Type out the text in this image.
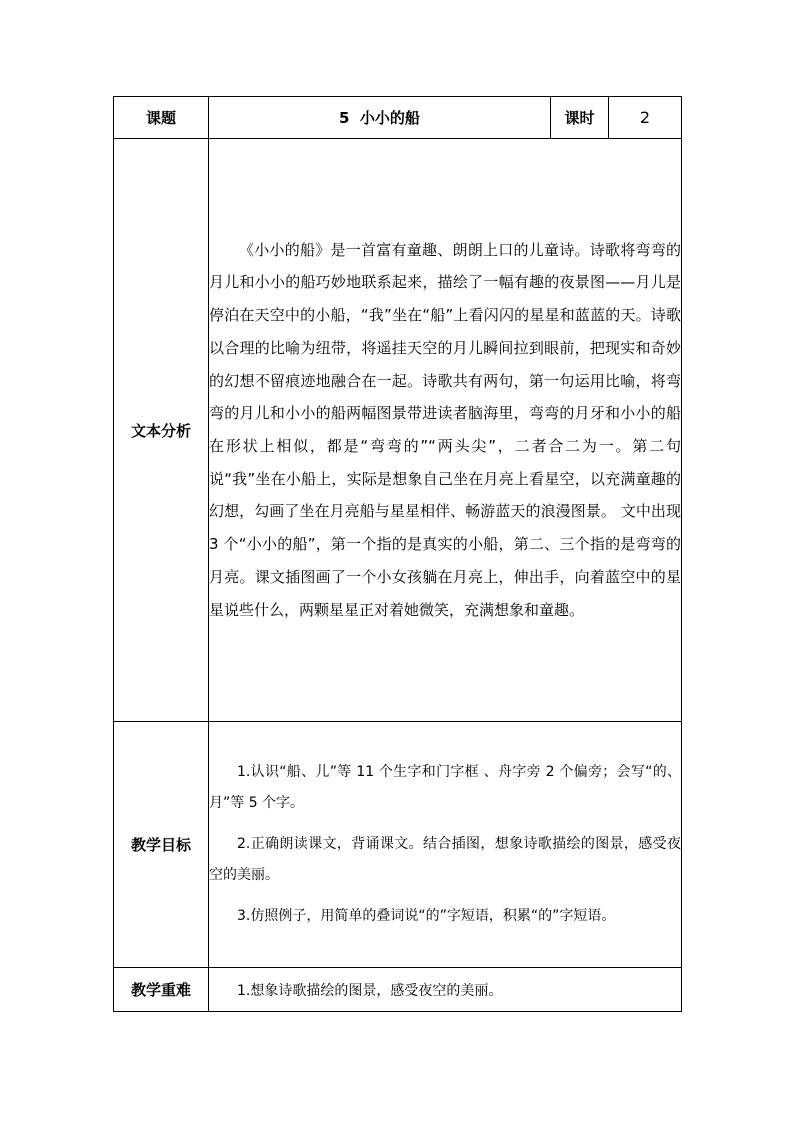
课题	5  小小的船	课时	2
文本分析	《小小的船》是一首富有童趣、朗朗上口的儿童诗。诗歌将弯弯的月儿和小小的船巧妙地联系起来，描绘了一幅有趣的夜景图——月儿是停泊在天空中的小船，“我”坐在“船”上看闪闪的星星和蓝蓝的天。诗歌以合理的比喻为纽带，将遥挂天空的月儿瞬间拉到眼前，把现实和奇妙的幻想不留痕迹地融合在一起。诗歌共有两句，第一句运用比喻，将弯弯的月儿和小小的船两幅图景带进读者脑海里，弯弯的月牙和小小的船在形状上相似，都是“弯弯的”“两头尖”，二者合二为一。第二句说“我”坐在小船上，实际是想象自己坐在月亮上看星空，以充满童趣的幻想，勾画了坐在月亮船与星星相伴、畅游蓝天的浪漫图景。 文中出现 3 个“小小的船”，第一个指的是真实的小船，第二、三个指的是弯弯的月亮。课文插图画了一个小女孩躺在月亮上，伸出手，向着蓝空中的星星说些什么，两颗星星正对着她微笑，充满想象和童趣。		
教学目标	1.认识“船、儿”等 11 个生字和门字框 、舟字旁 2 个偏旁；会写“的、月”等 5 个字。

2.正确朗读课文，背诵课文。结合插图，想象诗歌描绘的图景，感受夜空的美丽。

3.仿照例子，用简单的叠词说“的”字短语，积累“的”字短语。		

教学重难	1.想象诗歌描绘的图景，感受夜空的美丽。		
